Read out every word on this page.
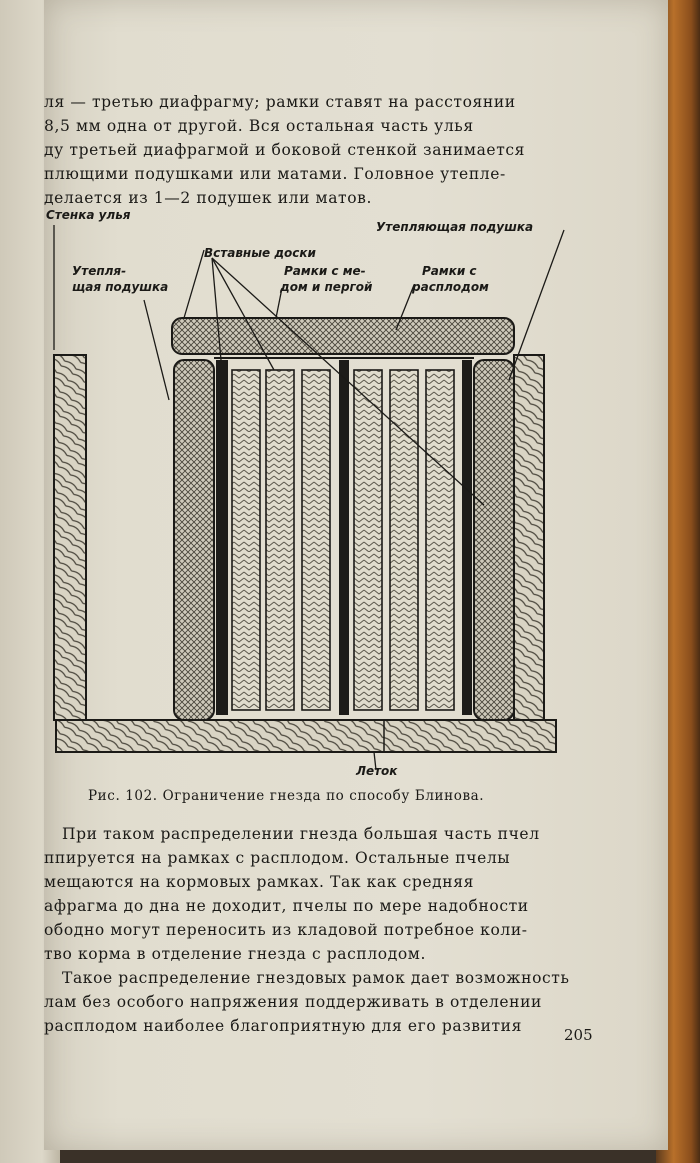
ля — третью диафрагму; рамки ставят на расстоянии
8,5 мм одна от другой. Вся остальная часть улья
ду третьей диафрагмой и боковой стенкой занимается
плющими подушками или матами. Головное утепле-
делается из 1—2 подушек или матов.
Стенка улья
Вставные доски
Утепляющая подушка
Утепля-
щая подушка
Рамки с ме-
дом и пергой
Рамки с
расплодом
Леток
Рис. 102. Ограничение гнезда по способу Блинова.
При таком распределении гнезда большая часть пчел
ппируется на рамках с расплодом. Остальные пчелы
мещаются на кормовых рамках. Так как средняя
афрагма до дна не доходит, пчелы по мере надобности
ободно могут переносить из кладовой потребное коли-
тво корма в отделение гнезда с расплодом.
Такое распределение гнездовых рамок дает возможность
лам без особого напряжения поддерживать в отделении
расплодом наиболее благоприятную для его развития	205
